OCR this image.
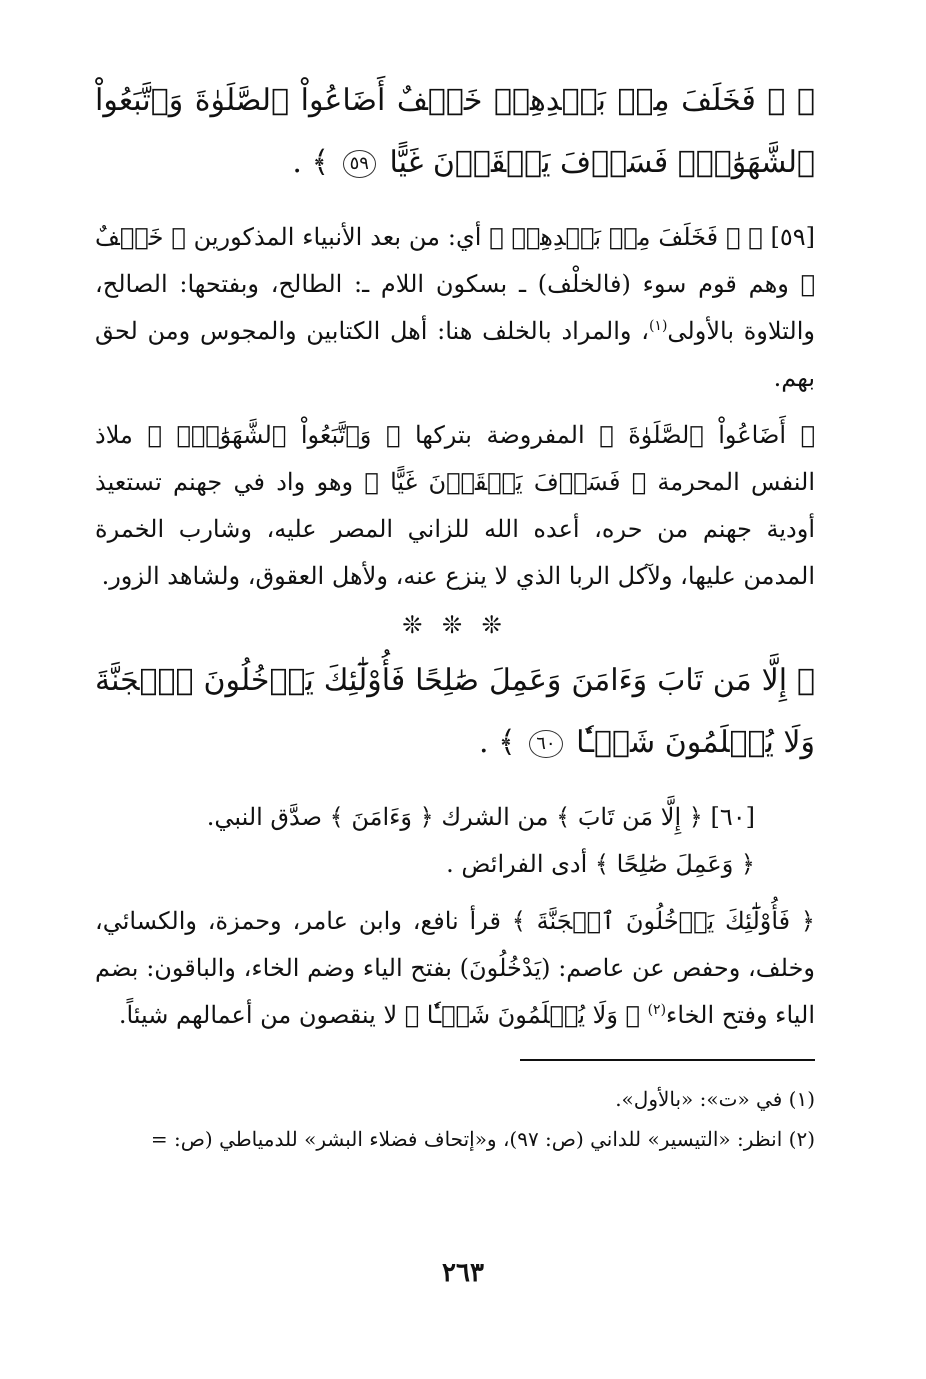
﴿ ۞ فَخَلَفَ مِنۢ بَعۡدِهِمۡ خَلۡفٌ أَضَاعُواْ ٱلصَّلَوٰةَ وَٱتَّبَعُواْ ٱلشَّهَوَٰتِۖ فَسَوۡفَ يَلۡقَوۡنَ غَيًّا ٥٩ ﴾ .

[٥٩] ﴿ ۞ فَخَلَفَ مِنۢ بَعۡدِهِمۡ ﴾ أي: من بعد الأنبياء المذكورين ﴿ خَلۡفٌ ﴾ وهم قوم سوء (فالخلْف) ـ بسكون اللام ـ: الطالح، وبفتحها: الصالح، والتلاوة بالأولى$^{(١)}$، والمراد بالخلف هنا: أهل الكتابين والمجوس ومن لحق بهم.

﴿ أَضَاعُواْ ٱلصَّلَوٰةَ ﴾ المفروضة بتركها ﴿ وَٱتَّبَعُواْ ٱلشَّهَوَٰتِۖ ﴾ ملاذ النفس المحرمة ﴿ فَسَوۡفَ يَلۡقَوۡنَ غَيًّا ﴾ وهو واد في جهنم تستعيذ أودية جهنم من حره، أعده الله للزاني المصر عليه، وشارب الخمرة المدمن عليها، ولآكل الربا الذي لا ينزع عنه، ولأهل العقوق، ولشاهد الزور.

❊ ❊ ❊

﴿ إِلَّا مَن تَابَ وَءَامَنَ وَعَمِلَ صَٰلِحًا فَأُوْلَٰٓئِكَ يَدۡخُلُونَ ٱلۡجَنَّةَ وَلَا يُظۡلَمُونَ شَيۡـٔٗا ٦٠ ﴾ .

[٦٠] ﴿ إِلَّا مَن تَابَ ﴾ من الشرك ﴿ وَءَامَنَ ﴾ صدَّق النبي.

﴿ وَعَمِلَ صَٰلِحًا ﴾ أدى الفرائض .

﴿ فَأُوْلَٰٓئِكَ يَدۡخُلُونَ ٱلۡجَنَّةَ ﴾ قرأ نافع، وابن عامر، وحمزة، والكسائي، وخلف، وحفص عن عاصم: (يَدْخُلُونَ) بفتح الياء وضم الخاء، والباقون: بضم الياء وفتح الخاء$^{(٢)}$ ﴿ وَلَا يُظۡلَمُونَ شَيۡـٔٗا ﴾ لا ينقصون من أعمالهم شيئاً.

(١) في «ت»: «بالأول».

(٢) انظر: «التيسير» للداني (ص: ٩٧)، و«إتحاف فضلاء البشر» للدمياطي (ص: =

٢٦٣
